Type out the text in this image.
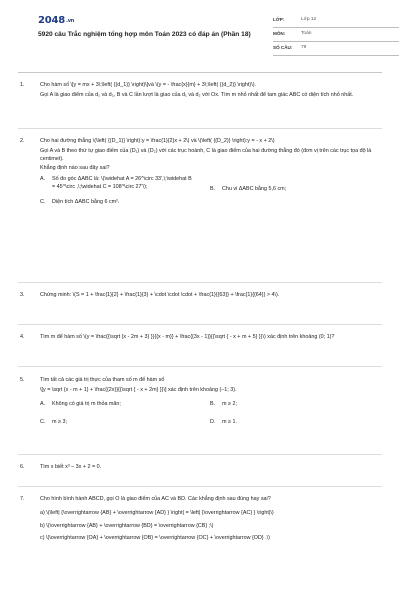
2048.vn
5920 câu Trắc nghiệm tổng hợp môn Toán 2023 có đáp án (Phần 18)
LỚP:	Lớp 12
MÔN:	Toán
SỐ CÂU:	79
1.	Cho hàm số \[y = mx + 3\;\left( {(d_1)} \right)\]và \(y = - \frac{x}{m} + 3\;\left( {(d_2)} \right)\).

Gọi A là giao điểm của d₁ và d₂, B và C lần lượt là giao của d₁ và d₂ với Ox. Tìm m nhỏ nhất để tam giác ABC có diện tích nhỏ nhất.

2.	Cho hai đường thẳng \(\left( {(D_1)} \right):y = \frac{1}{2}x + 2\) và \(\left( {(D_2)} \right):y = - x + 2\)

Gọi A và B theo thứ tự giao điểm của (D₁) và (D₂) với các trục hoành, C là giao điểm của hai đường thẳng đó (đơn vị trên các trục tọa độ là centimet).

Khẳng định nào sau đây sai?

A.	Số đo góc ΔABC là: \(\widehat A = 26^\circ 33',\;\widehat B = 45^\circ ,\;\widehat C = 108^\circ 27'\);	B.	Chu vi ΔABC bằng 5,6 cm;
C.	Diện tích ΔABC bằng 6 cm².
3.	Chứng minh: \(S = 1 + \frac{1}{2} + \frac{1}{3} + \cdot \cdot \cdot + \frac{1}{{63}} + \frac{1}{{64}} > 4\).

4.	Tìm m để hàm số \(y = \frac{{\sqrt {x - 2m + 3} }}{{x - m}} + \frac{{3x - 1}}{{\sqrt { - x + m + 5} }}\) xác định trên khoảng (0; 1)?

5.	Tìm tất cả các giá trị thực của tham số m để hàm số

\[y = \sqrt {x - m + 1} + \frac{{2x}}{{\sqrt { - x + 2m} }}\] xác định trên khoảng (–1; 3).

A.	Không có giá trị m thỏa mãn;	B.	m ≥ 2;
C.	m ≥ 3;	D.	m ≥ 1.
6.	Tìm x biết x³ – 3x + 2 = 0.

7.	Cho hình bình hành ABCD, gọi O là giao điểm của AC và BD. Các khẳng định sau đúng hay sai?

a) \(\left| {\overrightarrow {AB} + \overrightarrow {AD} } \right| = \left| {\overrightarrow {AC} } \right|\)

b) \(\overrightarrow {AB} + \overrightarrow {BD} = \overrightarrow {CB} ;\)

c) \(\overrightarrow {OA} + \overrightarrow {OB} = \overrightarrow {OC} + \overrightarrow {OD} .\)
